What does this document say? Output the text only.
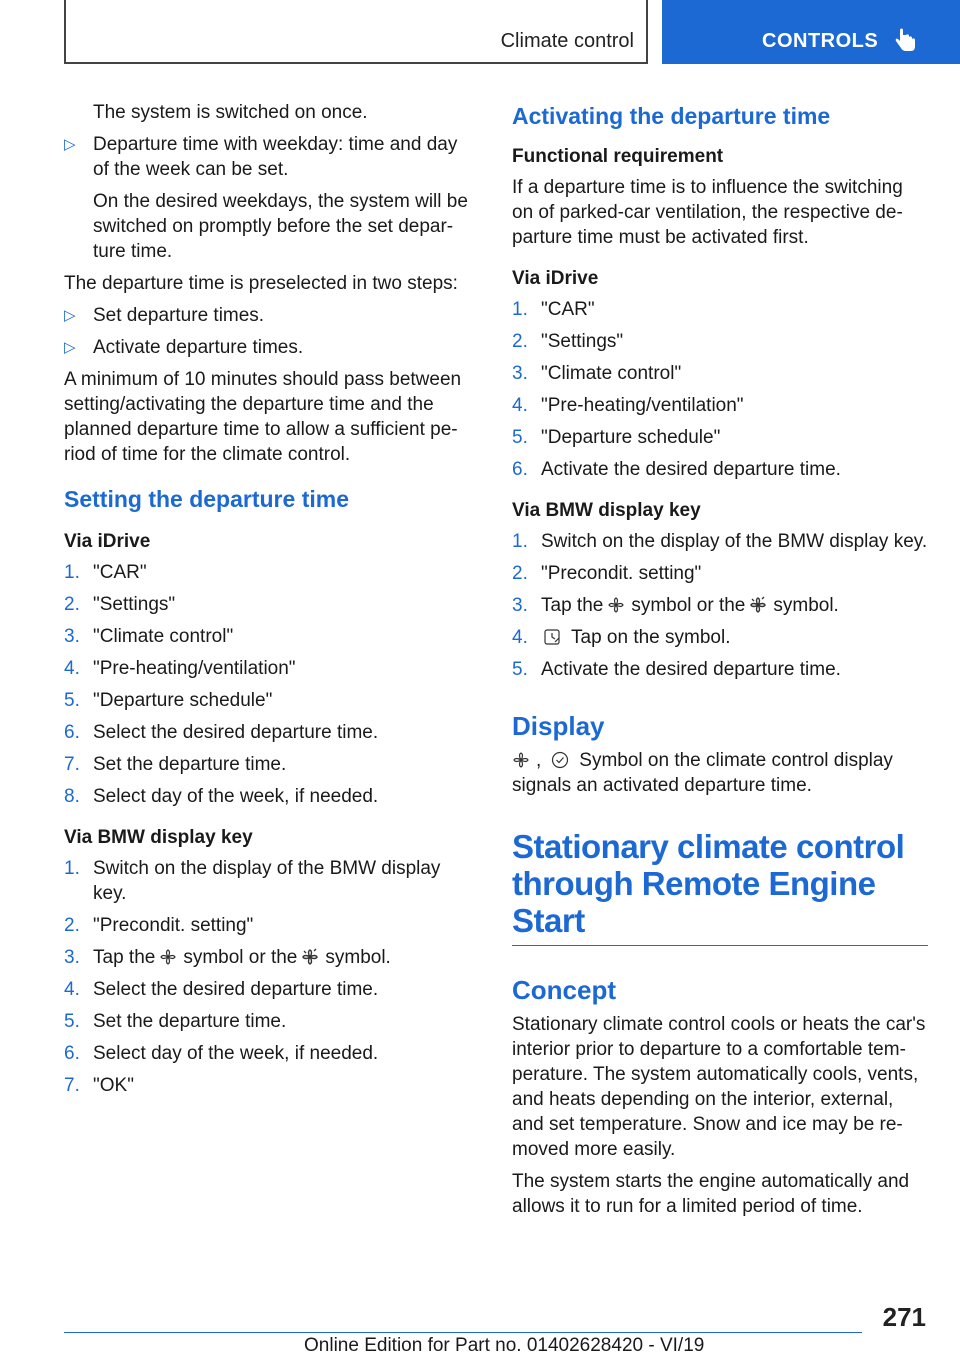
Climate control	CONTROLS

The system is switched on once.

▷ Departure time with weekday: time and day of the week can be set.

On the desired weekdays, the system will be switched on promptly before the set depar‐ture time.

The departure time is preselected in two steps:

▷ Set departure times.
▷ Activate departure times.

A minimum of 10 minutes should pass between setting/activating the departure time and the planned departure time to allow a sufficient pe‐riod of time for the climate control.

Setting the departure time
Via iDrive
1. "CAR"
2. "Settings"
3. "Climate control"
4. "Pre-heating/ventilation"
5. "Departure schedule"
6. Select the desired departure time.
7. Set the departure time.
8. Select day of the week, if needed.
Via BMW display key
1. Switch on the display of the BMW display key.
2. "Precondit. setting"
3. Tap the symbol or the symbol.
4. Select the desired departure time.
5. Set the departure time.
6. Select day of the week, if needed.
7. "OK"
Activating the departure time
Functional requirement

If a departure time is to influence the switching on of parked-car ventilation, the respective de‐parture time must be activated first.

Via iDrive
1. "CAR"
2. "Settings"
3. "Climate control"
4. "Pre-heating/ventilation"
5. "Departure schedule"
6. Activate the desired departure time.
Via BMW display key
1. Switch on the display of the BMW display key.
2. "Precondit. setting"
3. Tap the symbol or the symbol.
4. Tap on the symbol.
5. Activate the desired departure time.
Display

, Symbol on the climate control display signals an activated departure time.

Stationary climate control through Remote Engine Start
Concept

Stationary climate control cools or heats the car's interior prior to departure to a comfortable tem‐perature. The system automatically cools, vents, and heats depending on the interior, external, and set temperature. Snow and ice may be re‐moved more easily.

The system starts the engine automatically and allows it to run for a limited period of time.

271
Online Edition for Part no. 01402628420 - VI/19
